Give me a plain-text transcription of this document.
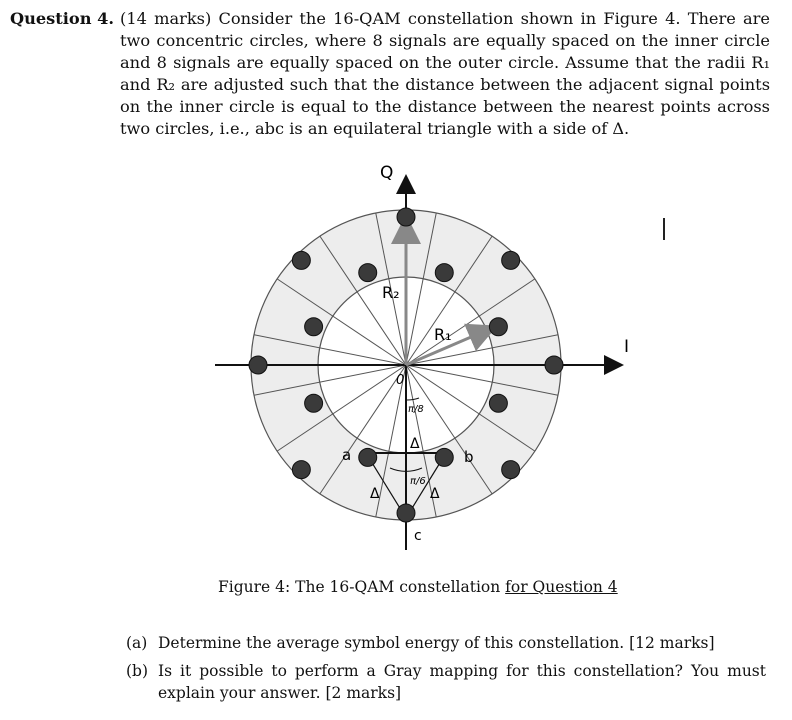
Question 4. (14 marks) Consider the 16-QAM constellation shown in Figure 4. There are two concentric circles, where 8 signals are equally spaced on the inner circle and 8 signals are equally spaced on the outer circle. Assume that the radii R₁ and R₂ are adjusted such that the distance between the adjacent signal points on the inner circle is equal to the distance between the nearest points across two circles, i.e., abc is an equilateral triangle with a side of Δ.
Q
I
R₂
R₁
0
π/8
π/6
Δ
Δ	Δ
a	b
c
Figure 4: The 16-QAM constellation for Question 4
(a) Determine the average symbol energy of this constellation. [12 marks]
(b) Is it possible to perform a Gray mapping for this constellation? You must explain your answer. [2 marks]
